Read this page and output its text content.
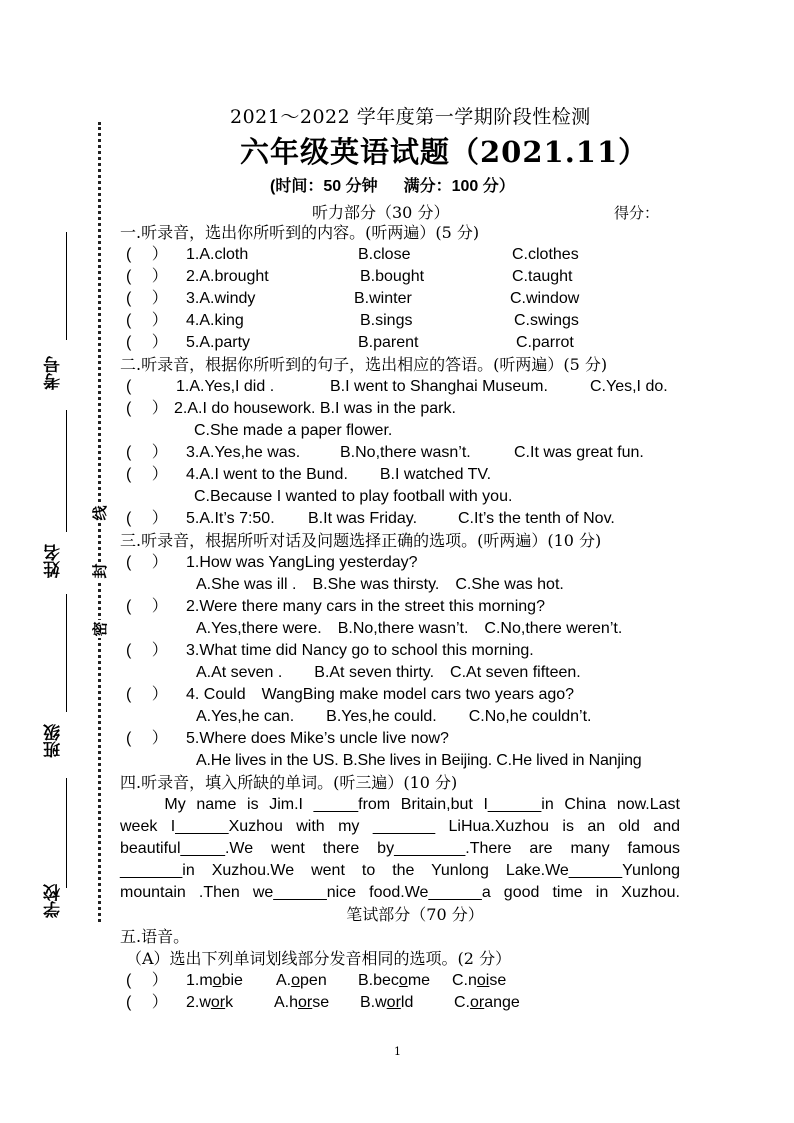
考号
姓名
班级
学校
线
封
密
2021～2022 学年度第一学期阶段性检测
六年级英语试题（2021.11）
(时间：50 分钟 满分：100 分）
听力部分（30 分）	得分：
一.听录音，选出你所听到的内容。(听两遍）(5 分)
(　 ） 1.A.cloth	B.close	C.clothes
(　 ） 2.A.brought	B.bought	C.taught
(　 ） 3.A.windy	B.winter	C.window
(　 ） 4.A.king	B.sings	C.swings
(　 ） 5.A.party	B.parent	C.parrot
二.听录音，根据你所听到的句子，选出相应的答语。(听两遍）(5 分)
(	1.A.Yes,I did .	B.I went to Shanghai Museum.	C.Yes,I do.
(　 ） 2.A.I do housework. B.I was in the park.
C.She made a paper flower.
(　 ） 3.A.Yes,he was. B.No,there wasn’t.	C.It was great fun.
(　 ） 4.A.I went to the Bund.　　B.I watched TV.
C.Because I wanted to play football with you.
(　 ） 5.A.It’s 7:50. B.It was Friday.	C.It’s the tenth of Nov.
三.听录音，根据所听对话及问题选择正确的选项。(听两遍）(10 分)
(　 ） 1.How was YangLing yesterday?
A.She was ill .　B.She was thirsty.　C.She was hot.
(　 ） 2.Were there many cars in the street this morning?
A.Yes,there were.　B.No,there wasn’t.　C.No,there weren’t.
(　 ） 3.What time did Nancy go to school this morning.
A.At seven .　　B.At seven thirty.　C.At seven fifteen.
(　 ） 4. Could　WangBing make model cars two years ago?
A.Yes,he can.　　B.Yes,he could.　　C.No,he couldn’t.
(　 ） 5.Where does Mike’s uncle live now?
A.He lives in the US. B.She lives in Beijing. C.He lived in Nanjing
四.听录音，填入所缺的单词。(听三遍）(10 分)
　　My name is Jim.I _____from Britain,but I______in China now.Last
week I______Xuzhou with my _______ LiHua.Xuzhou is an old and
beautiful_____.We went there by________.There are many famous
_______in Xuzhou.We went to the Yunlong Lake.We______Yunlong
mountain .Then we______nice food.We______a good time in Xuzhou.
笔试部分（70 分）
五.语音。
（A）选出下列单词划线部分发音相同的选项。(2 分）
(　 ） 1.mobie A.open B.become C.noise
(　 ） 2.work	A.horse B.world	C.orange
1
